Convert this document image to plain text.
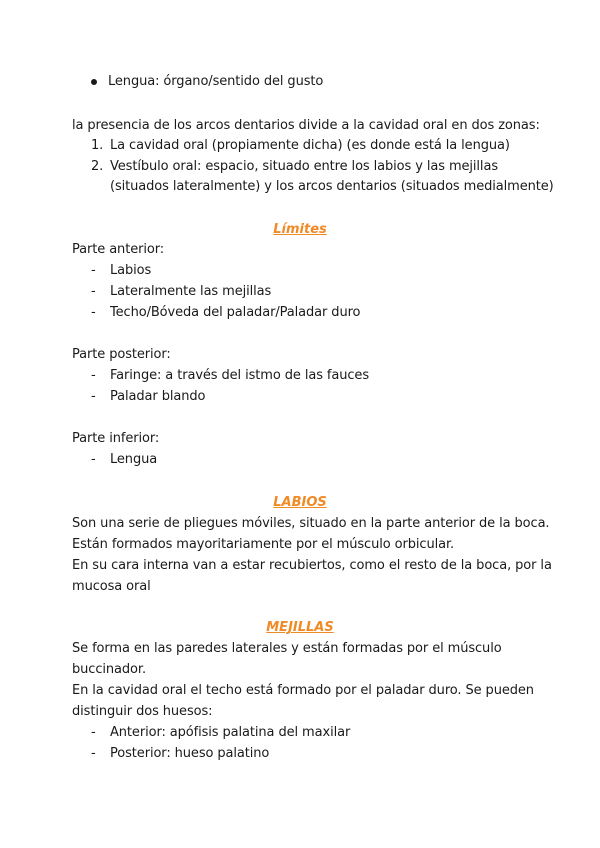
Lengua: órgano/sentido del gusto
la presencia de los arcos dentarios divide a la cavidad oral en dos zonas:
1. La cavidad oral (propiamente dicha) (es donde está la lengua)
2. Vestíbulo oral: espacio, situado entre los labios y las mejillas
(situados lateralmente) y los arcos dentarios (situados medialmente)
Límites
Parte anterior:
- Labios
- Lateralmente las mejillas
- Techo/Bóveda del paladar/Paladar duro
Parte posterior:
- Faringe: a través del istmo de las fauces
- Paladar blando
Parte inferior:
- Lengua
LABIOS
Son una serie de pliegues móviles, situado en la parte anterior de la boca.
Están formados mayoritariamente por el músculo orbicular.
En su cara interna van a estar recubiertos, como el resto de la boca, por la
mucosa oral
MEJILLAS
Se forma en las paredes laterales y están formadas por el músculo
buccinador.
En la cavidad oral el techo está formado por el paladar duro. Se pueden
distinguir dos huesos:
- Anterior: apófisis palatina del maxilar
- Posterior: hueso palatino
